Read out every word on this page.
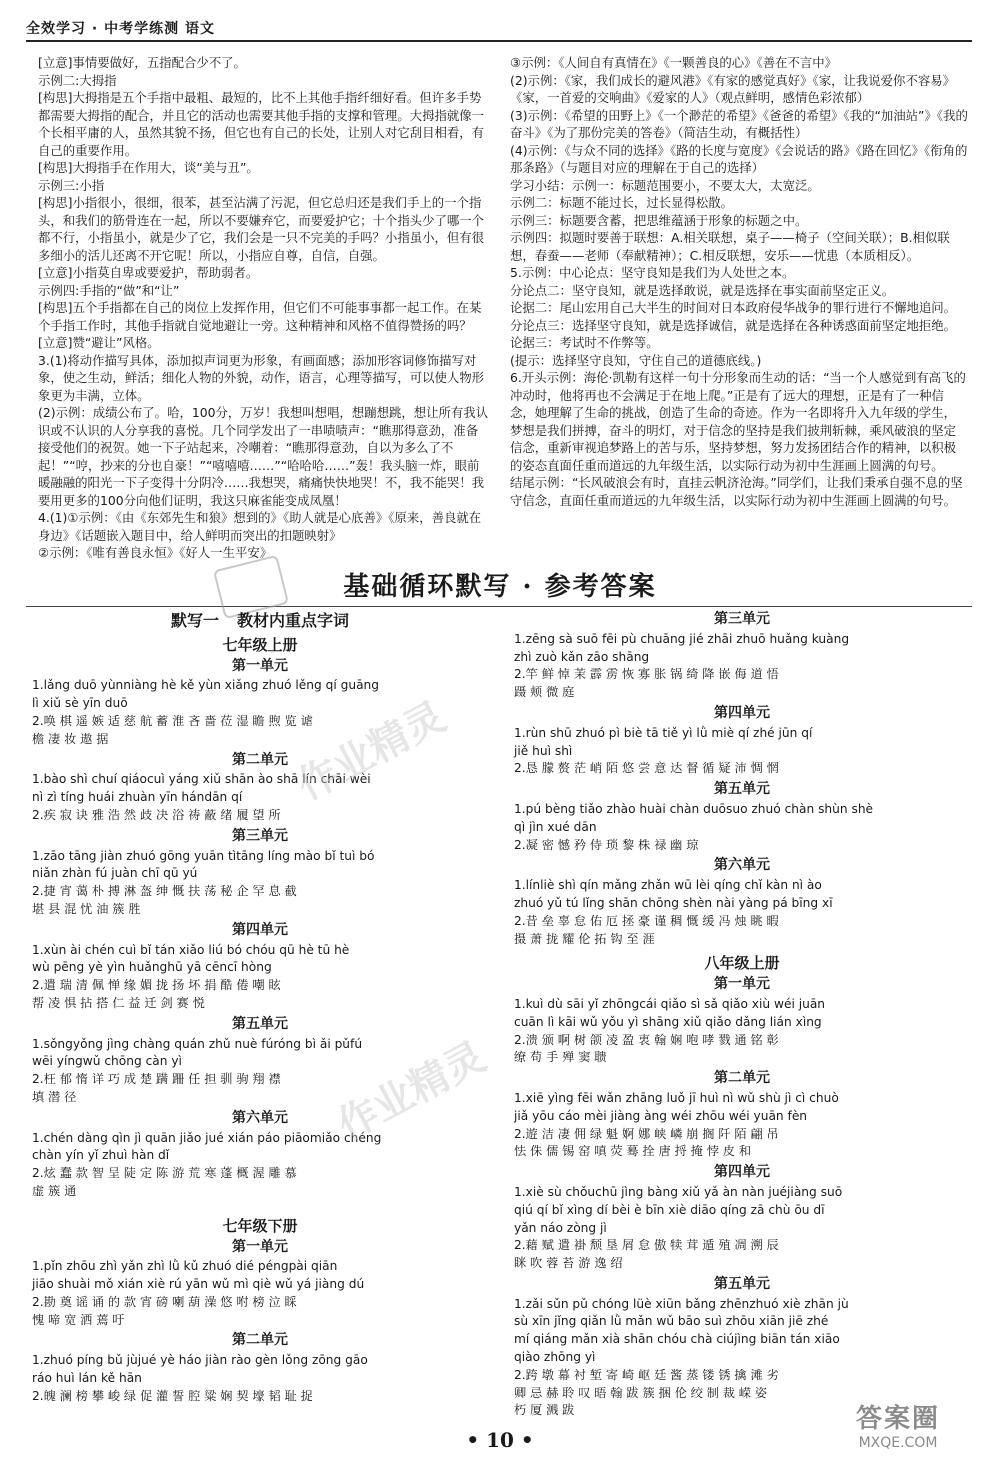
全效学习 · 中考学练测 语文

[立意]事情要做好，五指配合少不了。

示例二:大拇指

[构思]大拇指是五个手指中最粗、最短的，比不上其他手指纤细好看。但许多手势都需要大拇指的配合，并且它的活动也需要其他手指的支撑和管理。大拇指就像一个长相平庸的人，虽然其貌不扬，但它也有自己的长处，让别人对它刮目相看，有自己的重要作用。

[构思]大拇指手在作用大，谈“美与丑”。

示例三:小指

[构思]小指很小，很细，很苯，甚至沾满了污泥，但它总归还是我们手上的一个指头，和我们的筋骨连在一起，所以不要嫌弃它，而要爱护它；十个指头少了哪一个都不行，小指虽小，就是少了它，我们会是一只不完美的手吗？小指虽小，但有很多细小的活儿还离不开它呢！所以，小指应自尊，自信，自强。

[立意]小指莫自卑或要爱护，帮助弱者。

示例四:手指的“做”和“让”

[构思]五个手指都在自己的岗位上发挥作用，但它们不可能事事都一起工作。在某个手指工作时，其他手指就自觉地避让一旁。这种精神和风格不值得赞扬的吗？

[立意]赞“避让”风格。

3.(1)将动作描写具体，添加拟声词更为形象，有画面感；添加形容词修饰描写对象，使之生动，鲜活；细化人物的外貌，动作，语言，心理等描写，可以使人物形象更为丰满，立体。

(2)示例：成绩公布了。哈，100分，万岁！我想叫想唱，想蹦想跳，想让所有我认识或不认识的人分享我的喜悦。几个同学发出了一串啧啧声：“瞧那得意劲，准备接受他们的祝贺。她一下子站起来，冷嘲着：“瞧那得意劲，自以为多么了不起！”“哼，抄来的分也自豪！”“嘻嘻嘻……”“哈哈哈……”轰！我头脑一炸，眼前暖融融的阳光一下子变得十分阴冷……我想哭，痛痛快快地哭！不，我不能哭！我要用更多的100分向他们证明，我这只麻雀能变成凤凰！

4.(1)①示例：《由《东郊先生和狼》想到的》《助人就是心底善》《原来，善良就在身边》《话题嵌入题目中，给人鲜明而突出的扣题映射》

②示例：《唯有善良永恒》《好人一生平安》

③示例：《人间自有真情在》《一颗善良的心》《善在不言中》

(2)示例：《家，我们成长的避风港》《有家的感觉真好》《家，让我说爱你不容易》《家，一首爱的交响曲》《爱家的人》（观点鲜明，感情色彩浓郁）

(3)示例：《希望的田野上》《一个渺茫的希望》《爸爸的希望》《我的“加油站”》《我的奋斗》《为了那份完美的答卷》（简洁生动，有概括性）

(4)示例：《与众不同的选择》《路的长度与宽度》《会说话的路》《路在回忆》《衔角的那条路》（与题目对应的理解在于自己的选择）

学习小结：示例一：标题范围要小，不要太大，太宽泛。

示例二：标题不能过长，过长显得松散。

示例三：标题要含蓄，把思维蕴涵于形象的标题之中。

示例四：拟题时要善于联想：A.相关联想，桌子——椅子（空间关联）；B.相似联想，春蚕——老师（奉献精神）；C.相反联想，安乐——忧患（本质相反）。

5.示例：中心论点：坚守良知是我们为人处世之本。

分论点二：坚守良知，就是选择敢说，就是选择在事实面前坚定正义。

论据二：尾山宏用自己大半生的时间对日本政府侵华战争的罪行进行不懈地追问。

分论点三：选择坚守良知，就是选择诚信，就是选择在各种诱惑面前坚定地拒绝。

论据三：考试时不作弊等。

(提示：选择坚守良知，守住自己的道德底线。)

6.开头示例：海伦·凯勒有这样一句十分形象而生动的话：“当一个人感觉到有高飞的冲动时，他将再也不会满足于在地上爬。”正是有了远大的理想，正是有了一种信念，她理解了生命的挑战，创造了生命的奇迹。作为一名即将升入九年级的学生，梦想是我们拼搏，奋斗的明灯，对于信念的坚持是我们披荆斩棘，乘风破浪的坚定信念，重新审视追梦路上的苦与乐，坚持梦想，努力发扬团结合作的精神，以积极的姿态直面任重而道远的九年级生活，以实际行动为初中生涯画上圆满的句号。

结尾示例：“长风破浪会有时，直挂云帆济沧海。”同学们，让我们秉承自强不息的坚守信念，直面任重而道远的九年级生活，以实际行动为初中生涯画上圆满的句号。

基础循环默写 · 参考答案
默写一 教材内重点字词
七年级上册
第一单元
1.lǎng duō yùnniàng hè kě yùn xiǎng zhuó lěng qí guāng
lì xiǔ sè yīn duō
2.唤 棋 遥 嫉 适 慈 航 蓄 淮 吝 嗇 莅 湿 瞻 煦 览 谑
檐 凄 妆 遨 据
第二单元
1.bào shì chuí qiáocuì yáng xiǔ shān ào shā lín chāi wèi
nì zì tíng huái zhuàn yīn hándān qí
2.疾 寂 诀 雅 浩 然 歧 决 浴 祷 蔽 绪 履 望 所
第三单元
1.zāo tāng jiàn zhuó gōng yuān tìtāng líng mào bǐ tuì bó
niǎn zhàn fú juàn chī qū yú
2.捷 宵 蔼 朴 搏 淋 盔 绅 慨 扶 荡 秘 企 罕 息 截
堪 县 混 忧 油 簇 胜
第四单元
1.xùn ài chén cuì bǐ tán xiǎo liú bó chóu qū hè tū hè
wù pēng yè yìn huǎnghū yā cēncī hòng
2.遣 瑞 清 佩 惮 缘 媚 拢 扬 坏 捐 酷 倦 嘲 眩
帮 凌 惧 拈 搭 仁 益 迁 剑 赛 悦
第五单元
1.sǒngyǒng jìng chàng quán zhǔ nuè fúróng bì ǎi pǔfú
wēi yíngwǔ chōng càn yì
2.枉 郁 惰 详 巧 成 楚 蹒 跚 任 担 驯 驹 翔 襟
填 潜 径
第六单元
1.chén dàng qìn jì quān jiǎo jué xián páo piāomiǎo chéng
chàn yín yǐ zhuì hàn dǐ
2.炫 蠢 款 智 呈 陡 定 陈 游 荒 寒 蓬 概 渥 雕 慕
虚 簇 通
七年级下册
第一单元
1.pǐn zhōu zhì yǎn zhì lǜ kǔ zhuó dié péngpài qiān
jiāo shuài mǒ xián xiè rú yān wǔ mì qiè wǔ yá jiàng dú
2.勘 奠 谣 诵 的 款 宵 磅 喇 葫 澡 悠 咐 榜 泣 睬
愧 啼 宽 洒 蔫 吁
第二单元
1.zhuó píng bǔ jùjué yè háo jiàn rào gèn lǒng zōng gāo
ráo huì lán kě hān
2.魄 澜 榜 攀 峻 绿 促 灌 誓 腔 粱 娴 契 壕 韬 耻 捉
第三单元
1.zēng sà suō fēi pù chuāng jié zhāi zhuō huǎng kuàng
zhì zuò kǎn zāo shāng
2.竿 鲜 悼 茉 霹 雳 恢 寡 胀 锅 绮 降 嵌 侮 道 悟
蹑 颊 微 庭
第四单元
1.rùn shū zhuó pì biè tā tiě yì lǜ miè qí zhé jūn qí
jiě huì shì
2.恳 朦 赘 茫 峭 陌 悠 尝 意 达 督 循 疑 沛 惆 惘
第五单元
1.pú bèng tiǎo zhào huài chàn duōsuo zhuó chàn shùn shè
qì jìn xué dān
2.凝 密 憾 矜 侍 琐 黎 株 禄 幽 琼
第六单元
1.línliè shì qín mǎng zhǎn wū lèi qíng chǐ kàn nì ào
zhuó yǔ tú lǐng shān chōng shèn nài yàng pá bīng xī
2.昔 垒 辜 怠 佑 厄 拯 豪 谨 稠 慨 缓 冯 烛 眺 暇
摄 萧 拢 耀 伦 拓 钩 至 涯
八年级上册
第一单元
1.kuì dù sāi yǐ zhōngcái qiǎo sì sǎ qiǎo xiù wéi juān
cuān lì kāi wǔ yǒu yì shāng xiǔ qiǎo dǎng lián xìng
2.溃 颁 啊 树 颌 凌 盈 衷 翰 娴 咆 哮 戮 通 铭 彰
缭 苟 手 殚 窦 聩
第二单元
1.xiē yìng fēi wǎn zhāng luǒ jī huì nì wǔ shù jì cì chuò
jiǎ yōu cáo mèi jiàng àng wéi zhōu wéi yuān fèn
2.遊 洁 凄 佣 绿 魁 婀 娜 峡 嶙 崩 搁 阡 陌 翩 吊
怯 侏 儒 锡 窑 嗔 荧 蓦 拴 唐 捋 掩 悖 皮 和
第四单元
1.xiè sù chǒuchū jìng bàng xiǔ yǎ àn nàn juéjiàng suō
qiú qí bǐ xìng dí bèi è bīn xiè diāo qíng zā chù ōu dī
yǎn náo zòng jì
2.藉 赋 遣 褂 颓 垦 屑 怠 傲 犊 茸 遁 殖 凋 溯 辰
眯 吹 蓉 苔 游 逸 绍
第五单元
1.zǎi sǔn pǔ chóng lüè xiūn bǎng zhēnzhuó xiè zhān jù
sù xīn jǐng qiǎn lǜ mǎn wǔ bāo suì zhōu xiān jiē zhé
mí qiáng mǎn xià shān chóu chà ciújìng biān tán xiāo
qiào zhōng yì
2.跨 墩 幕 衬 堑 寄 崎 岖 廷 酱 蒸 镂 锈 擒 滩 劣
卿 忌 赫 聆 叹 晤 翰 跋 簇 捆 伦 绞 制 裁 嵘 姿
朽 厦 溅 跋
作业精灵
作业精灵
• 10 •
答案圈
MXQE.COM
